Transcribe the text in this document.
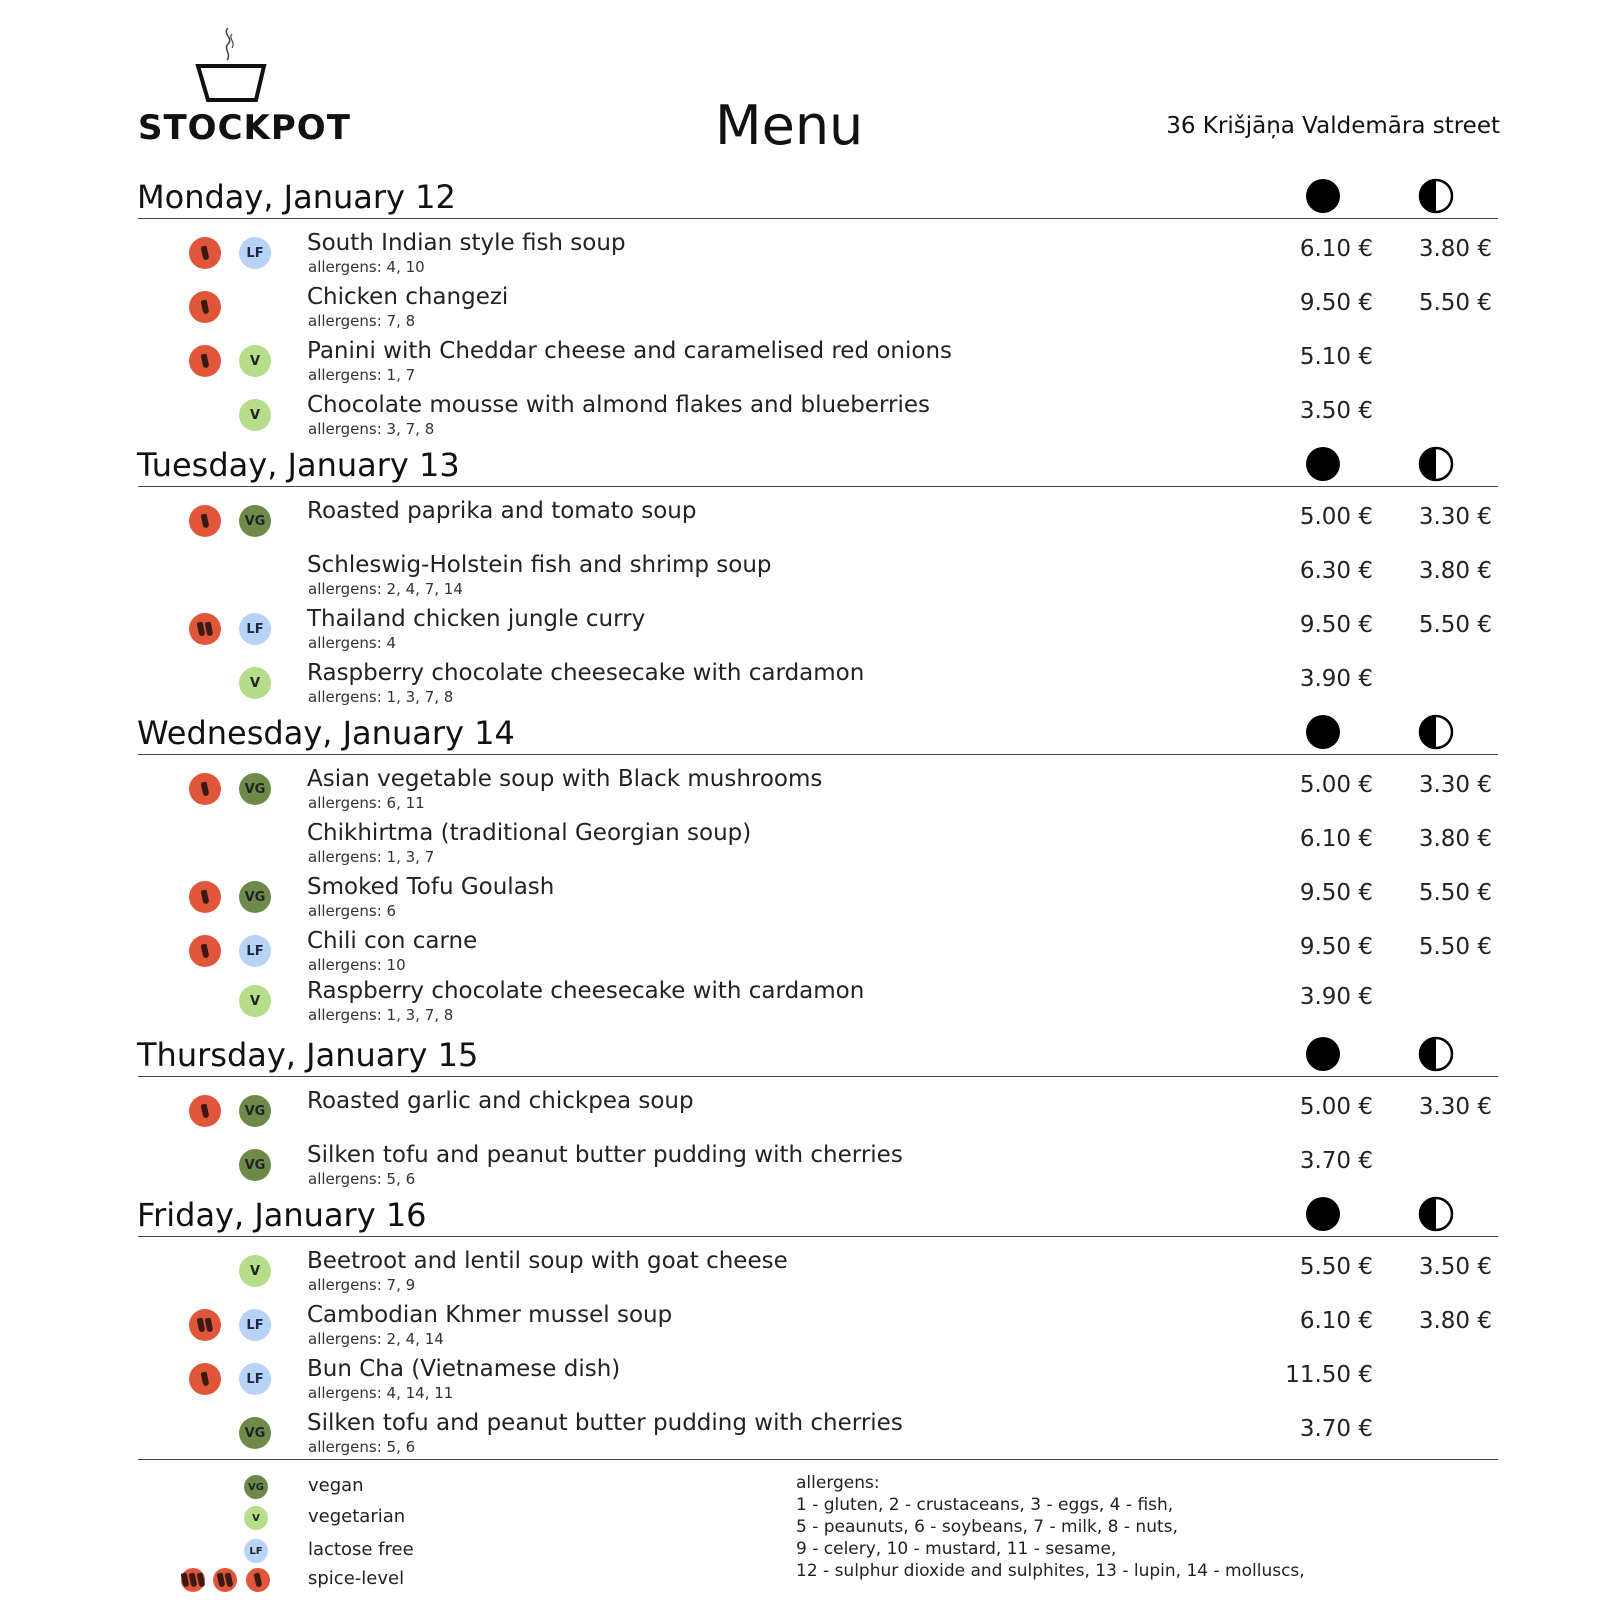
STOCKPOT	Menu	36 Krišjāņa Valdemāra street
Monday, January 12
LF	South Indian style fish soup
allergens: 4, 10
6.10 € 3.80 €
Chicken changezi
allergens: 7, 8
9.50 € 5.50 €
V	Panini with Cheddar cheese and caramelised red onions
allergens: 1, 7
5.10 €
V	Chocolate mousse with almond flakes and blueberries
allergens: 3, 7, 8
3.50 €
Tuesday, January 13
VG Roasted paprika and tomato soup	5.00 € 3.30 €
Schleswig-Holstein fish and shrimp soup
allergens: 2, 4, 7, 14
6.30 € 3.80 €
LF	Thailand chicken jungle curry
allergens: 4
9.50 € 5.50 €
V	Raspberry chocolate cheesecake with cardamon
allergens: 1, 3, 7, 8
3.90 €
Wednesday, January 14
VG Asian vegetable soup with Black mushrooms
allergens: 6, 11
5.00 € 3.30 €
Chikhirtma (traditional Georgian soup)
allergens: 1, 3, 7
6.10 € 3.80 €
VG Smoked Tofu Goulash
allergens: 6
9.50 € 5.50 €
LF	Chili con carne
allergens: 10
9.50 € 5.50 €
V	Raspberry chocolate cheesecake with cardamon
allergens: 1, 3, 7, 8
3.90 €
Thursday, January 15
VG Roasted garlic and chickpea soup	5.00 € 3.30 €
VG Silken tofu and peanut butter pudding with cherries
allergens: 5, 6
3.70 €
Friday, January 16
V	Beetroot and lentil soup with goat cheese
allergens: 7, 9
5.50 € 3.50 €
LF	Cambodian Khmer mussel soup
allergens: 2, 4, 14
6.10 € 3.80 €
LF	Bun Cha (Vietnamese dish)
allergens: 4, 14, 11
11.50 €
VG Silken tofu and peanut butter pudding with cherries
allergens: 5, 6
3.70 €
VG vegan
V	vegetarian
LF	lactose free
spice-level
allergens:
1 - gluten, 2 - crustaceans, 3 - eggs, 4 - fish,
5 - peaunuts, 6 - soybeans, 7 - milk, 8 - nuts,
9 - celery, 10 - mustard, 11 - sesame,
12 - sulphur dioxide and sulphites, 13 - lupin, 14 - molluscs,
